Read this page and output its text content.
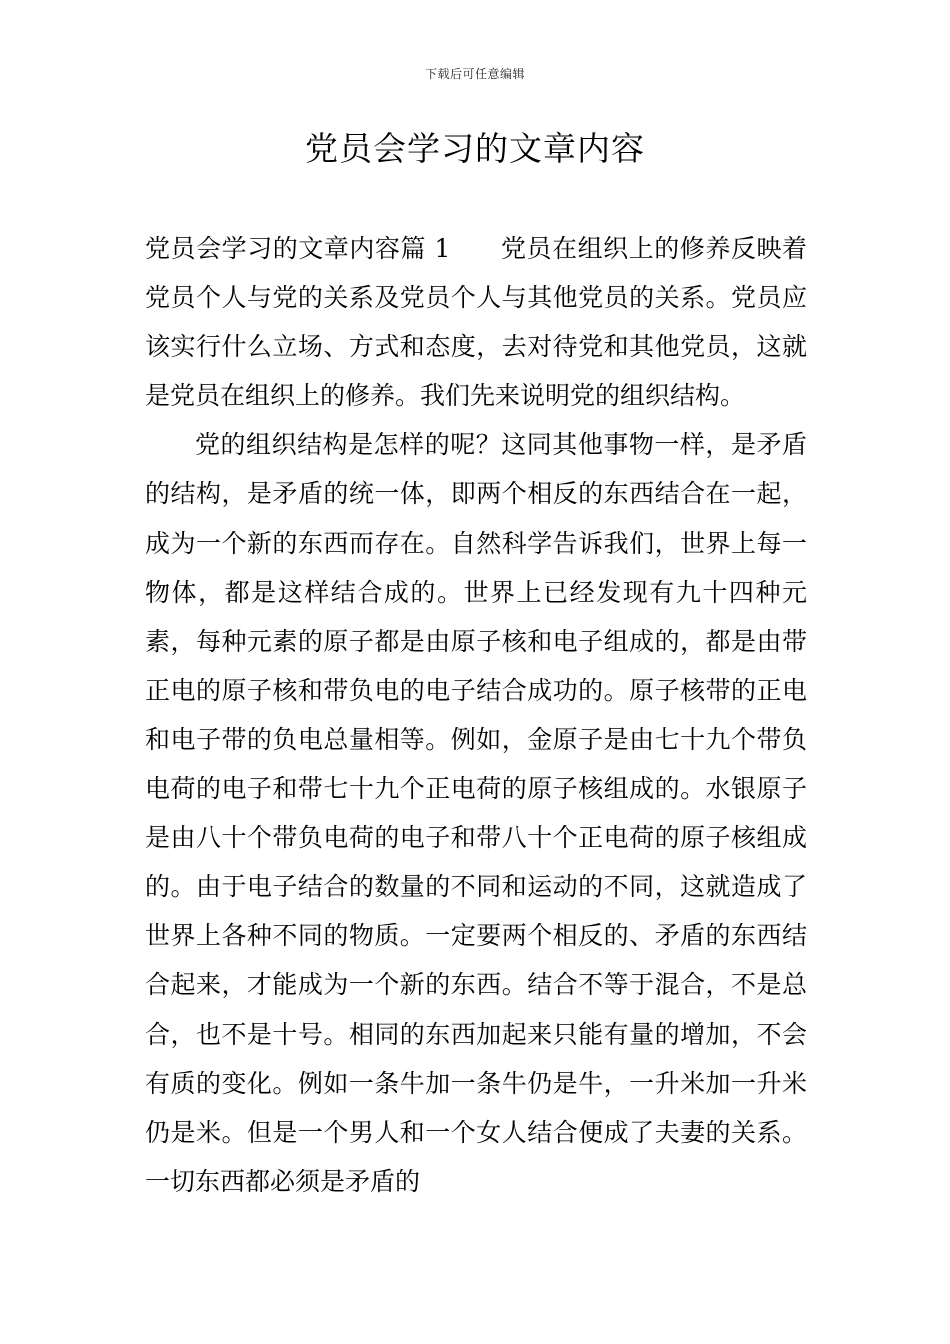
下载后可任意编辑
党员会学习的文章内容

党员会学习的文章内容篇 1 党员在组织上的修养反映着党员个人与党的关系及党员个人与其他党员的关系。党员应该实行什么立场、方式和态度，去对待党和其他党员，这就是党员在组织上的修养。我们先来说明党的组织结构。

党的组织结构是怎样的呢？这同其他事物一样，是矛盾的结构，是矛盾的统一体，即两个相反的东西结合在一起，成为一个新的东西而存在。自然科学告诉我们，世界上每一物体，都是这样结合成的。世界上已经发现有九十四种元素，每种元素的原子都是由原子核和电子组成的，都是由带正电的原子核和带负电的电子结合成功的。原子核带的正电和电子带的负电总量相等。例如，金原子是由七十九个带负电荷的电子和带七十九个正电荷的原子核组成的。水银原子是由八十个带负电荷的电子和带八十个正电荷的原子核组成的。由于电子结合的数量的不同和运动的不同，这就造成了世界上各种不同的物质。一定要两个相反的、矛盾的东西结合起来，才能成为一个新的东西。结合不等于混合，不是总合，也不是十号。相同的东西加起来只能有量的增加，不会有质的变化。例如一条牛加一条牛仍是牛，一升米加一升米仍是米。但是一个男人和一个女人结合便成了夫妻的关系。一切东西都必须是矛盾的
